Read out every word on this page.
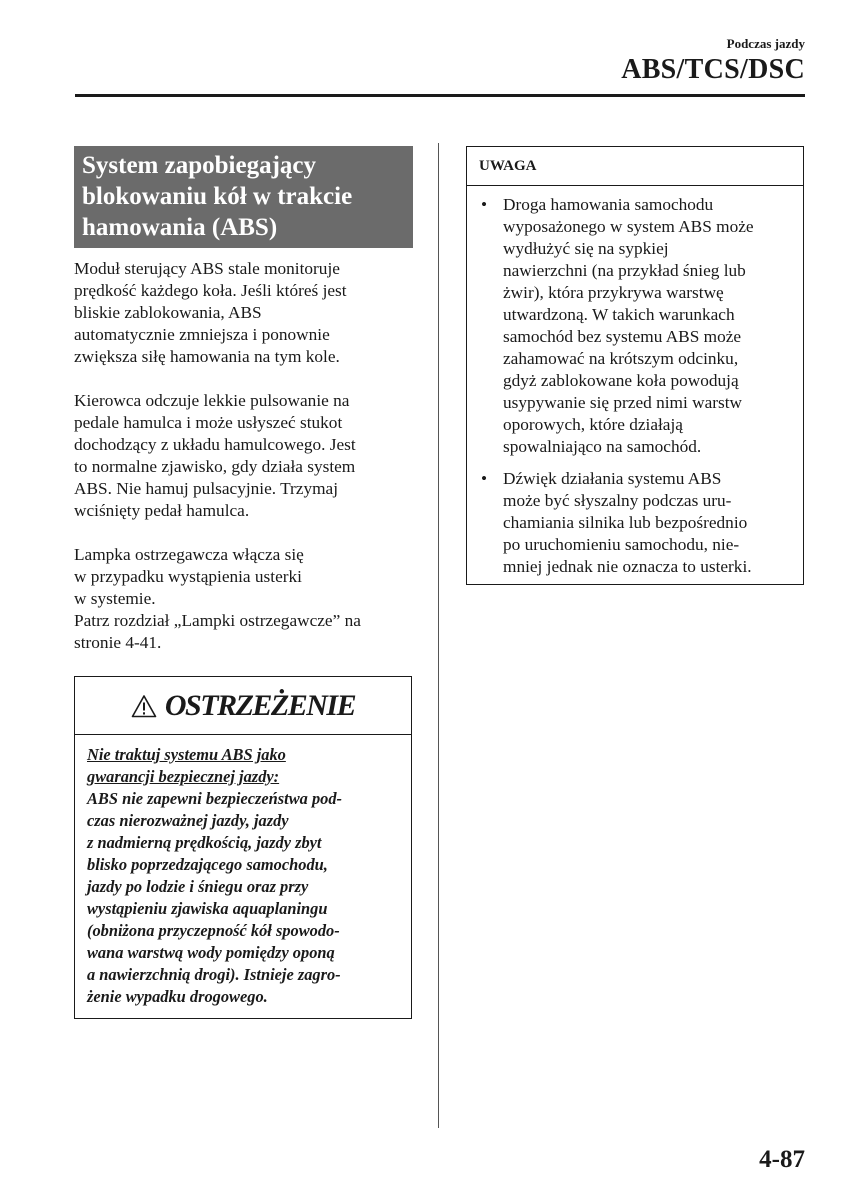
Podczas jazdy
ABS/TCS/DSC
System zapobiegający
blokowaniu kół w trakcie
hamowania (ABS)

Moduł sterujący ABS stale monitoruje
prędkość każdego koła. Jeśli któreś jest
bliskie zablokowania, ABS
automatycznie zmniejsza i ponownie
zwiększa siłę hamowania na tym kole.

Kierowca odczuje lekkie pulsowanie na
pedale hamulca i może usłyszeć stukot
dochodzący z układu hamulcowego. Jest
to normalne zjawisko, gdy działa system
ABS. Nie hamuj pulsacyjnie. Trzymaj
wciśnięty pedał hamulca.

Lampka ostrzegawcza włącza się
w przypadku wystąpienia usterki
w systemie.
Patrz rozdział „Lampki ostrzegawcze” na
stronie 4-41.

OSTRZEŻENIE
Nie traktuj systemu ABS jako
gwarancji bezpiecznej jazdy:
ABS nie zapewni bezpieczeństwa pod-
czas nierozważnej jazdy, jazdy
z nadmierną prędkością, jazdy zbyt
blisko poprzedzającego samochodu,
jazdy po lodzie i śniegu oraz przy
wystąpieniu zjawiska aquaplaningu
(obniżona przyczepność kół spowodo-
wana warstwą wody pomiędzy oponą
a nawierzchnią drogi). Istnieje zagro-
żenie wypadku drogowego.
UWAGA
• Droga hamowania samochodu
wyposażonego w system ABS może
wydłużyć się na sypkiej
nawierzchni (na przykład śnieg lub
żwir), która przykrywa warstwę
utwardzoną. W takich warunkach
samochód bez systemu ABS może
zahamować na krótszym odcinku,
gdyż zablokowane koła powodują
usypywanie się przed nimi warstw
oporowych, które działają
spowalniająco na samochód.
• Dźwięk działania systemu ABS
może być słyszalny podczas uru-
chamiania silnika lub bezpośrednio
po uruchomieniu samochodu, nie-
mniej jednak nie oznacza to usterki.
4-87
